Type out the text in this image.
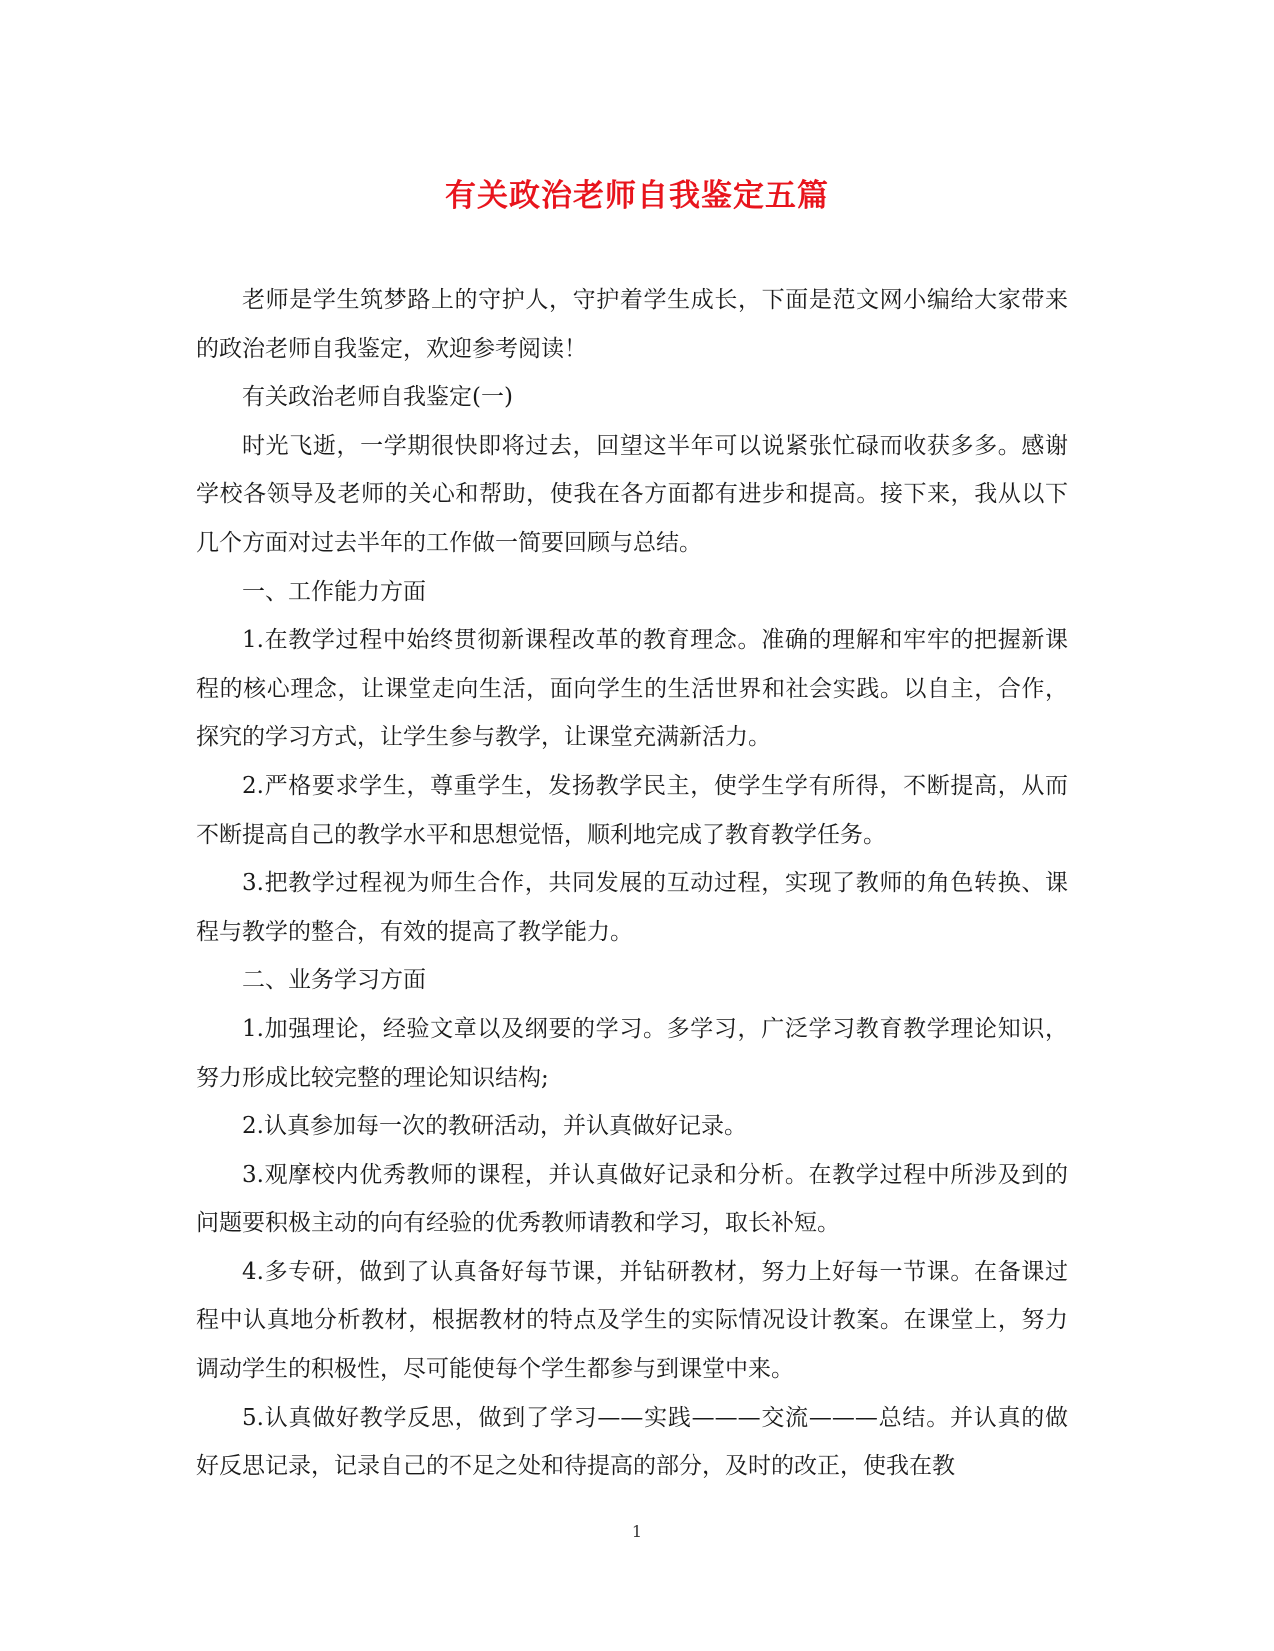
有关政治老师自我鉴定五篇

老师是学生筑梦路上的守护人，守护着学生成长，下面是范文网小编给大家带来的政治老师自我鉴定，欢迎参考阅读！

有关政治老师自我鉴定(一)

时光飞逝，一学期很快即将过去，回望这半年可以说紧张忙碌而收获多多。感谢学校各领导及老师的关心和帮助，使我在各方面都有进步和提高。接下来，我从以下几个方面对过去半年的工作做一简要回顾与总结。

一、工作能力方面

1.在教学过程中始终贯彻新课程改革的教育理念。准确的理解和牢牢的把握新课程的核心理念，让课堂走向生活，面向学生的生活世界和社会实践。以自主，合作，探究的学习方式，让学生参与教学，让课堂充满新活力。

2.严格要求学生，尊重学生，发扬教学民主，使学生学有所得，不断提高，从而不断提高自己的教学水平和思想觉悟，顺利地完成了教育教学任务。

3.把教学过程视为师生合作，共同发展的互动过程，实现了教师的角色转换、课程与教学的整合，有效的提高了教学能力。

二、业务学习方面

1.加强理论，经验文章以及纲要的学习。多学习，广泛学习教育教学理论知识，努力形成比较完整的理论知识结构;

2.认真参加每一次的教研活动，并认真做好记录。

3.观摩校内优秀教师的课程，并认真做好记录和分析。在教学过程中所涉及到的问题要积极主动的向有经验的优秀教师请教和学习，取长补短。

4.多专研，做到了认真备好每节课，并钻研教材，努力上好每一节课。在备课过程中认真地分析教材，根据教材的特点及学生的实际情况设计教案。在课堂上，努力调动学生的积极性，尽可能使每个学生都参与到课堂中来。

5.认真做好教学反思，做到了学习——实践———交流———总结。并认真的做好反思记录，记录自己的不足之处和待提高的部分，及时的改正，使我在教

1
